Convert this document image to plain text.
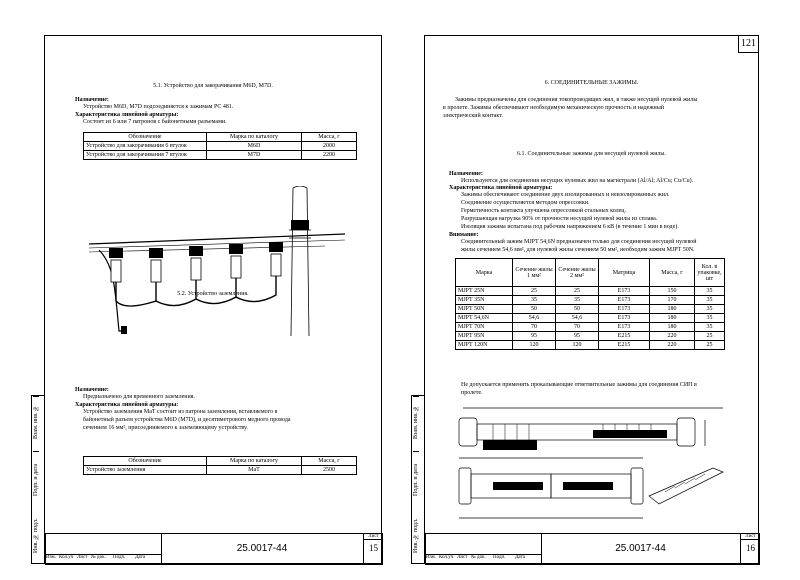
5.1. Устройство для закорачивания M6D, M7D.
Назначение:
Устройство M6D, M7D подсоединяется к зажимам РС 481.
Характеристика линейной арматуры:
Состоит из 6 или 7 патронов с байонетными разъемами.
Обозначение	Марка по каталогу	Масса, г
Устройство для закорачивания 6 втулок	M6D	2000
Устройство для закорачивания 7 втулок	M7D	2200
5.2. Устройство заземления.
Назначение:
Предназначено для временного заземления.
Характеристика линейной арматуры:
Устройство заземления MaT состоит из патрона заземления, вставляемого в
байонетный разъем устройства M6D (M7D), и десятиметрового медного провода
сечением 16 мм², присоединяемого к заземляющему устройству.
Обозначение	Марка по каталогу	Масса, г
Устройство заземления	MaT	2500
Изм. Кол.уч Лист № док.	Подп.	Дата
25.0017-44
Лист
15
Взам. инв. №
Подп. и дата
Инв. № подл.
121
6. СОЕДИНИТЕЛЬНЫЕ ЗАЖИМЫ.
Зажимы предназначены для соединения токопроводящих жил, в также несущей нулевой жилы
в пролете. Зажимы обеспечивают необходимую механическую прочность и надежный
электрический контакт.
6.1. Соединительные зажимы для несущей нулевой жилы.
Назначение:
Используются для соединения несущих нулевых жил на магистрали (Al/Al; Al/Cu; Cu/Cu).
Характеристика линейной арматуры:
Зажимы обеспечивают соединение двух изолированных и неизолированных жил.
Соединение осуществляется методом опрессовки.
Герметичность контакта улучшена опрессовкой стальных колец.
Разрушающая нагрузка 90% от прочности несущей нулевой жилы из сплава.
Изоляция зажима испытана под рабочим напряжением 6 кВ (в течение 1 мин в воде).
Внимание:
Соединительный зажим MJPT 54,6N предназначен только для соединения несущей нулевой
жилы сечением 54,6 мм², для нулевой жилы сечением 50 мм², необходим зажим MJPT 50N.
Марка	Сечение жилы 1 мм²	Сечение жилы 2 мм²	Матрица	Масса, г	Кол. в упаковке, шт
MJPT 25N	25	25	E173	150	35
MJPT 35N	35	35	E173	170	35
MJPT 50N	50	50	E173	180	35
MJPT 54,6N	54,6	54,6	E173	180	35
MJPT 70N	70	70	E173	180	35
MJPT 95N	95	95	E215	220	25
MJPT 120N	120	120	E215	220	25
Не допускается применять прокалывающие ответвительные зажимы для соединения СИП в
пролете.
Изм. Кол.уч Лист № док.	Подп.	Дата
25.0017-44
Лист
16
Взам. инв. №
Подп. и дата
Инв. № подл.
